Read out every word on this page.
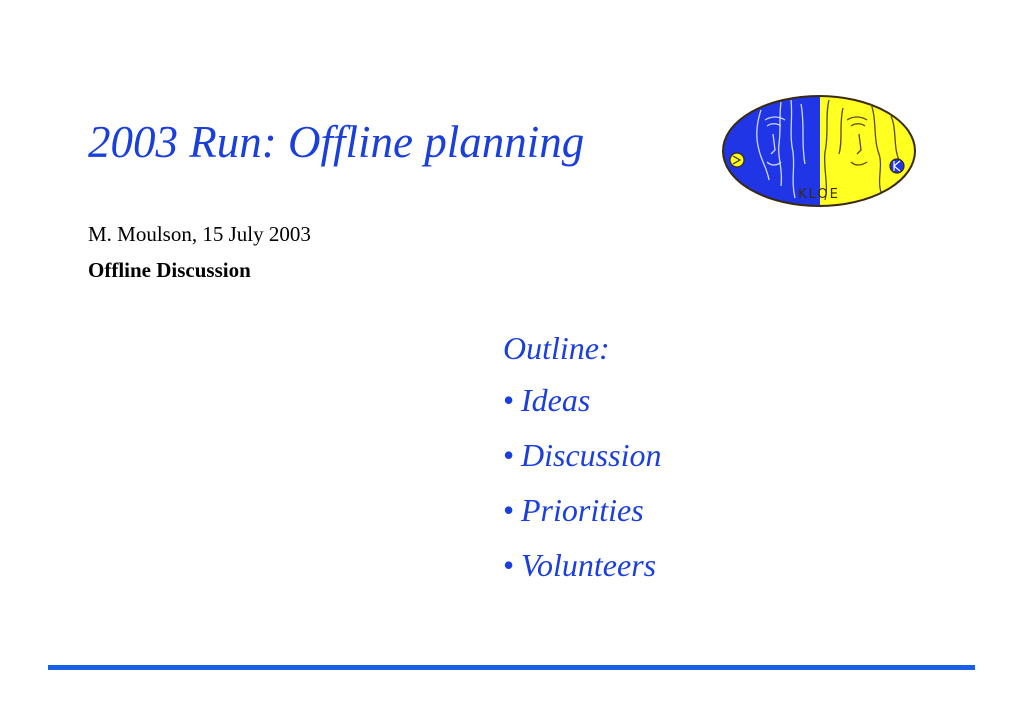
2003 Run: Offline planning
M. Moulson, 15 July 2003
Offline Discussion
KLOE
Outline:
• Ideas
• Discussion
• Priorities
• Volunteers
